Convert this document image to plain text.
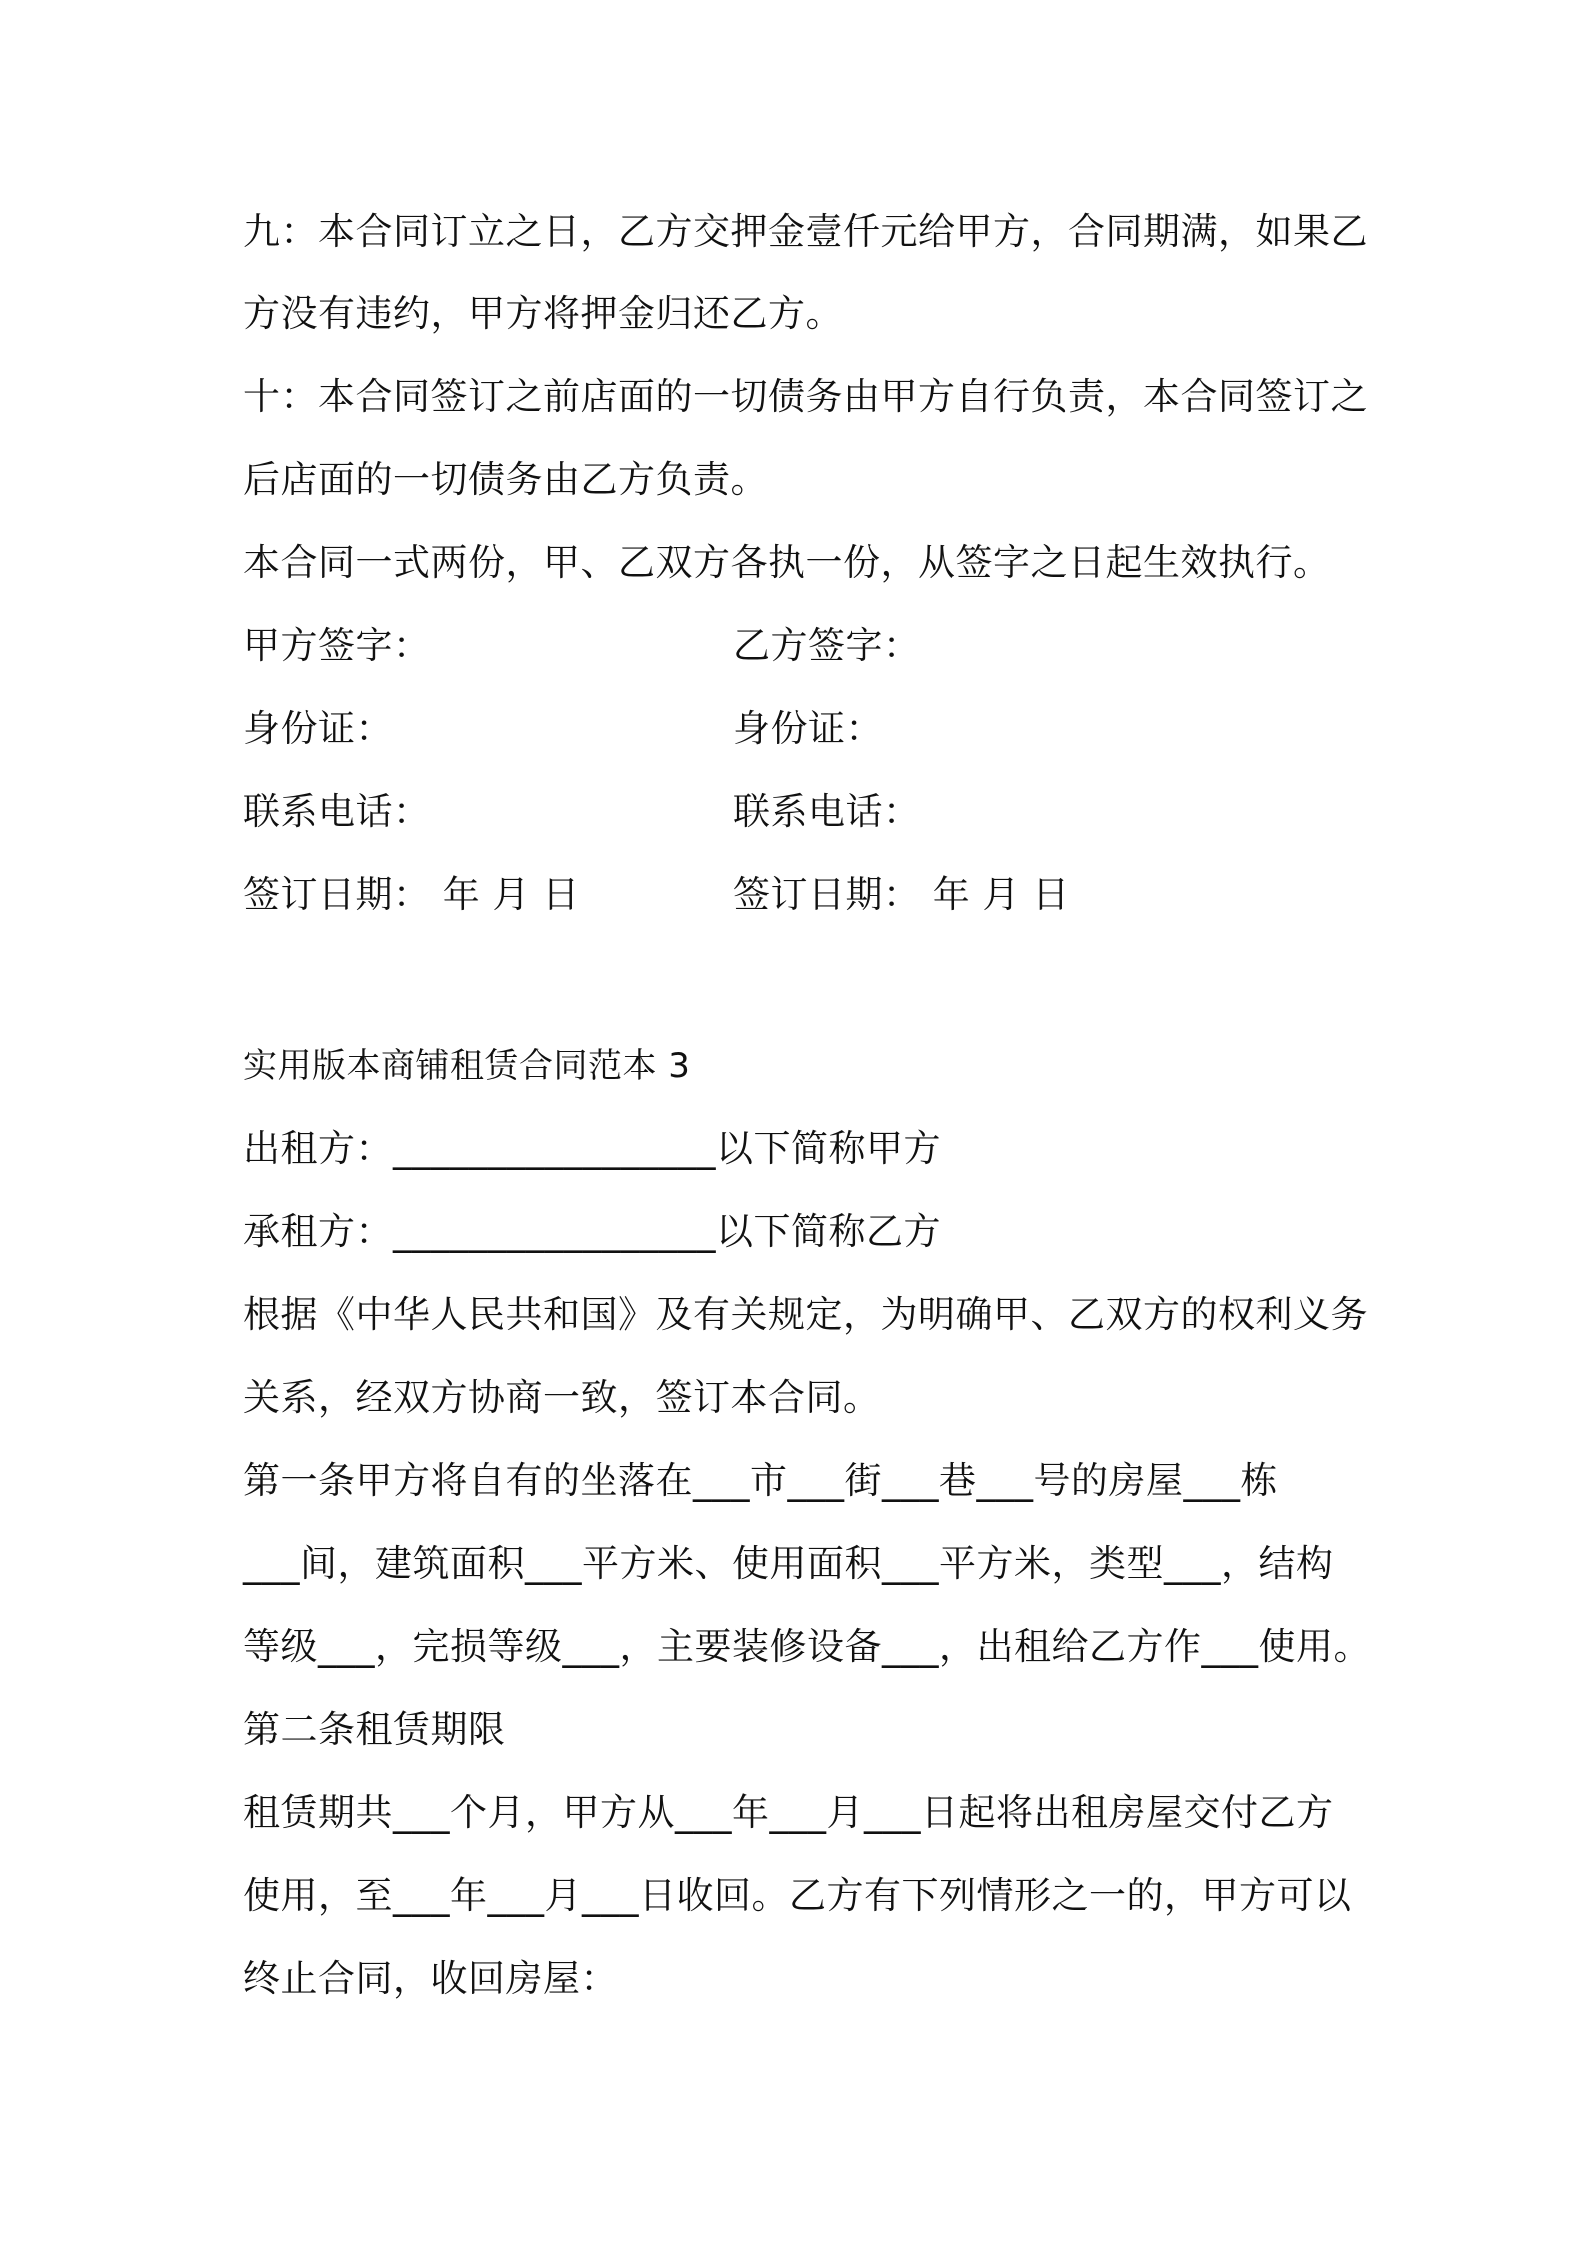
九：本合同订立之日，乙方交押金壹仟元给甲方，合同期满，如果乙
方没有违约，甲方将押金归还乙方。
十：本合同签订之前店面的一切债务由甲方自行负责，本合同签订之
后店面的一切债务由乙方负责。
本合同一式两份，甲、乙双方各执一份，从签字之日起生效执行。
甲方签字：	乙方签字：
身份证：	身份证：
联系电话：	联系电话：
签订日期： 年 月 日	签订日期： 年 月 日
实用版本商铺租赁合同范本 3
出租方：_________________以下简称甲方
承租方：_________________以下简称乙方
根据《中华人民共和国》及有关规定，为明确甲、乙双方的权利义务
关系，经双方协商一致，签订本合同。
第一条甲方将自有的坐落在___市___街___巷___号的房屋___栋
___间，建筑面积___平方米、使用面积___平方米，类型___，结构
等级___，完损等级___，主要装修设备___，出租给乙方作___使用。
第二条租赁期限
租赁期共___个月，甲方从___年___月___日起将出租房屋交付乙方
使用，至___年___月___日收回。乙方有下列情形之一的，甲方可以
终止合同，收回房屋：
